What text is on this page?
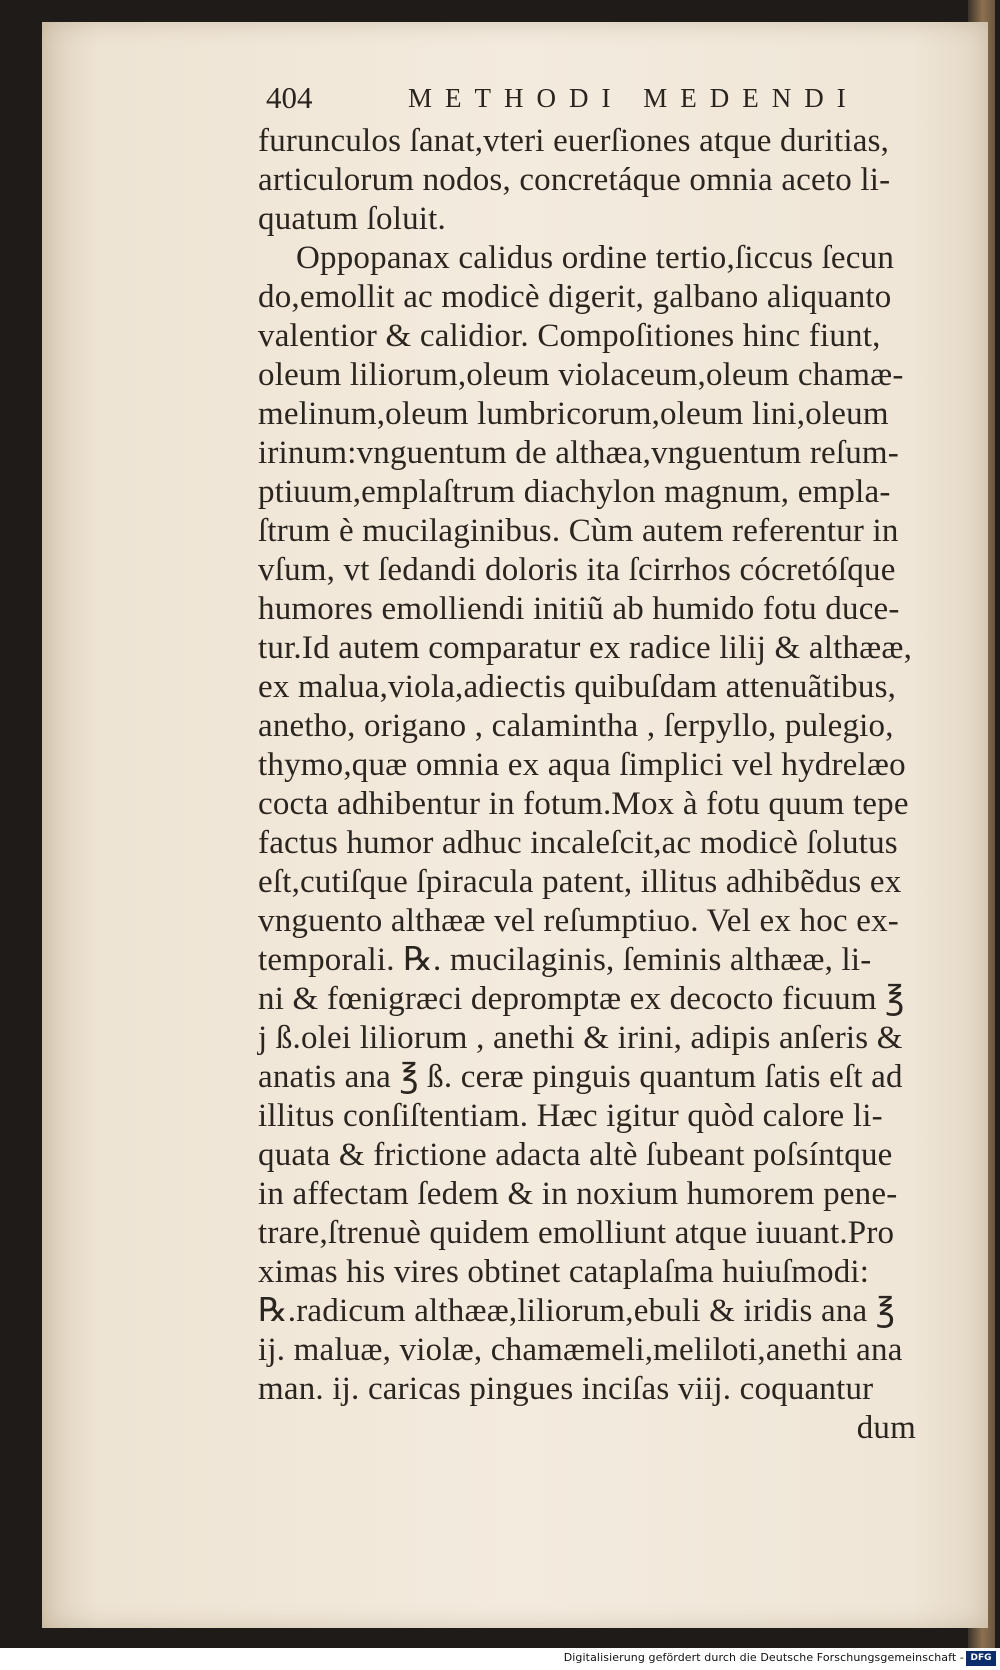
404	METHODI MEDENDI
furunculos ſanat,vteri euerſiones atque duritias,
articulorum nodos, concretáque omnia aceto li-
quatum ſoluit.
Oppopanax calidus ordine tertio,ſiccus ſecun
do,emollit ac modicè digerit, galbano aliquanto
valentior & calidior. Compoſitiones hinc fiunt,
oleum liliorum,oleum violaceum,oleum chamæ-
melinum,oleum lumbricorum,oleum lini,oleum
irinum:vnguentum de althæa,vnguentum reſum-
ptiuum,emplaſtrum diachylon magnum, empla-
ſtrum è mucilaginibus. Cùm autem referentur in
vſum, vt ſedandi doloris ita ſcirrhos cócretóſque
humores emolliendi initiũ ab humido fotu duce-
tur.Id autem comparatur ex radice lilij & althææ,
ex malua,viola,adiectis quibuſdam attenuãtibus,
anetho, origano , calamintha , ſerpyllo, pulegio,
thymo,quæ omnia ex aqua ſimplici vel hydrelæo
cocta adhibentur in fotum.Mox à fotu quum tepe
factus humor adhuc incaleſcit,ac modicè ſolutus
eſt,cutiſque ſpiracula patent, illitus adhibẽdus ex
vnguento althææ vel reſumptiuo. Vel ex hoc ex-
temporali. ℞. mucilaginis, ſeminis althææ, li-
ni & fœnigræci depromptæ ex decocto ficuum ℥
j ß.olei liliorum , anethi & irini, adipis anſeris &
anatis ana ℥ ß. ceræ pinguis quantum ſatis eſt ad
illitus conſiſtentiam. Hæc igitur quòd calore li-
quata & frictione adacta altè ſubeant poſsíntque
in affectam ſedem & in noxium humorem pene-
trare,ſtrenuè quidem emolliunt atque iuuant.Pro
ximas his vires obtinet cataplaſma huiuſmodi:
℞.radicum althææ,liliorum,ebuli & iridis ana ℥
ij. maluæ, violæ, chamæmeli,meliloti,anethi ana
man. ij. caricas pingues inciſas viij. coquantur
dum
Digitalisierung gefördert durch die Deutsche Forschungsgemeinschaft - DFG
